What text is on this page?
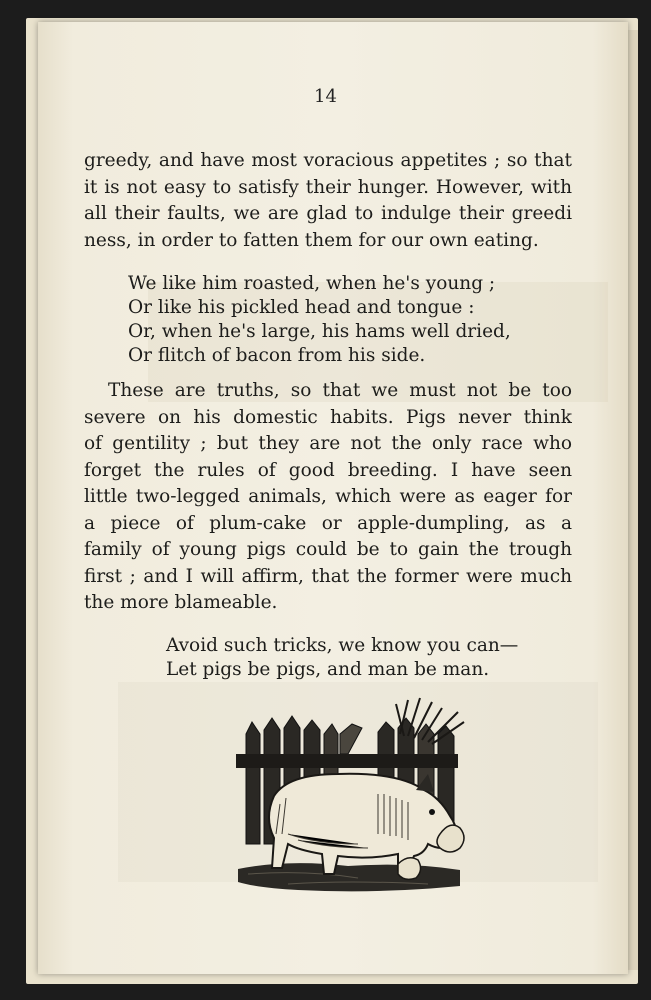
14
greedy, and have most voracious appetites ; so that
it is not easy to satisfy their hunger. However, with
all their faults, we are glad to indulge their greedi
ness, in order to fatten them for our own eating.
We like him roasted, when he's young ;
Or like his pickled head and tongue :
Or, when he's large, his hams well dried,
Or flitch of bacon from his side.
These are truths, so that we must not be too
severe on his domestic habits. Pigs never think
of gentility ; but they are not the only race who
forget the rules of good breeding. I have seen
little two-legged animals, which were as eager for
a piece of plum-cake or apple-dumpling, as a
family of young pigs could be to gain the trough
first ; and I will affirm, that the former were much
the more blameable.
Avoid such tricks, we know you can—
Let pigs be pigs, and man be man.
